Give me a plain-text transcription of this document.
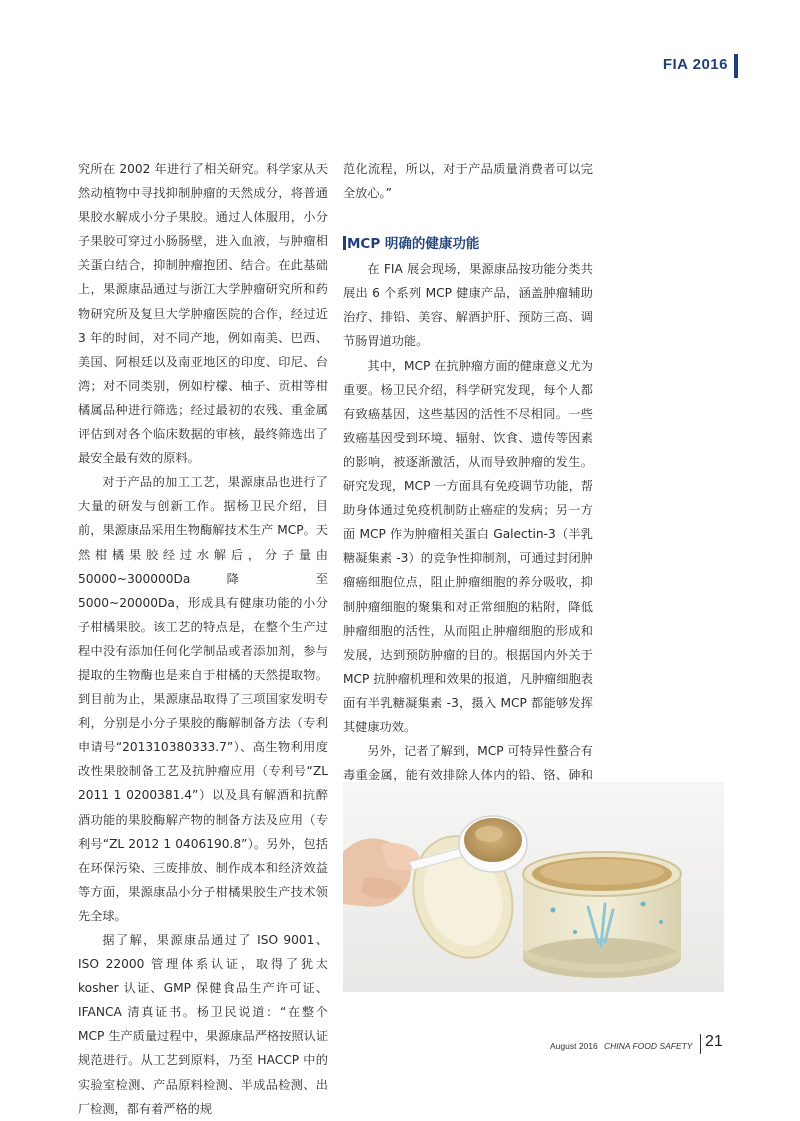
FIA 2016

究所在 2002 年进行了相关研究。科学家从天然动植物中寻找抑制肿瘤的天然成分，将普通果胶水解成小分子果胶。通过人体服用，小分子果胶可穿过小肠肠壁，进入血液，与肿瘤相关蛋白结合，抑制肿瘤抱团、结合。在此基础上，果源康品通过与浙江大学肿瘤研究所和药物研究所及复旦大学肿瘤医院的合作，经过近 3 年的时间，对不同产地，例如南美、巴西、美国、阿根廷以及南亚地区的印度、印尼、台湾；对不同类别，例如柠檬、柚子、贡柑等柑橘属品种进行筛选；经过最初的农残、重金属评估到对各个临床数据的审核，最终筛选出了最安全最有效的原料。

对于产品的加工工艺，果源康品也进行了大量的研发与创新工作。据杨卫民介绍，目前，果源康品采用生物酶解技术生产 MCP。天然柑橘果胶经过水解后，分子量由 50000~300000Da 降　至 5000~20000Da，形成具有健康功能的小分子柑橘果胶。该工艺的特点是，在整个生产过程中没有添加任何化学制品或者添加剂，参与提取的生物酶也是来自于柑橘的天然提取物。到目前为止，果源康品取得了三项国家发明专利，分别是小分子果胶的酶解制备方法（专利申请号“201310380333.7”）、高生物利用度改性果胶制备工艺及抗肿瘤应用（专利号“ZL 2011 1 0200381.4”）以及具有解酒和抗醉酒功能的果胶酶解产物的制备方法及应用（专利号“ZL 2012 1 0406190.8”）。另外，包括在环保污染、三废排放、制作成本和经济效益等方面，果源康品小分子柑橘果胶生产技术领先全球。

据了解，果源康品通过了 ISO 9001、ISO 22000 管理体系认证，取得了犹太 kosher 认证、GMP 保健食品生产许可证、IFANCA 清真证书。杨卫民说道：“在整个 MCP 生产质量过程中，果源康品严格按照认证规范进行。从工艺到原料，乃至 HACCP 中的实验室检测、产品原料检测、半成品检测、出厂检测，都有着严格的规

范化流程，所以，对于产品质量消费者可以完全放心。”

MCP 明确的健康功能

在 FIA 展会现场，果源康品按功能分类共展出 6 个系列 MCP 健康产品，涵盖肿瘤辅助治疗、排铅、美容、解酒护肝、预防三高、调节肠胃道功能。

其中，MCP 在抗肿瘤方面的健康意义尤为重要。杨卫民介绍，科学研究发现，每个人都有致癌基因，这些基因的活性不尽相同。一些致癌基因受到环境、辐射、饮食、遗传等因素的影响，被逐渐激活，从而导致肿瘤的发生。研究发现，MCP 一方面具有免疫调节功能，帮助身体通过免疫机制防止癌症的发病；另一方面 MCP 作为肿瘤相关蛋白 Galectin-3（半乳糖凝集素 -3）的竞争性抑制剂，可通过封闭肿瘤癌细胞位点，阻止肿瘤细胞的养分吸收，抑制肿瘤细胞的聚集和对正常细胞的粘附，降低肿瘤细胞的活性，从而阻止肿瘤细胞的形成和发展，达到预防肿瘤的目的。根据国内外关于 MCP 抗肿瘤机理和效果的报道，凡肿瘤细胞表面有半乳糖凝集素 -3，摄入 MCP 都能够发挥其健康功效。

另外，记者了解到，MCP 可特异性螯合有毒重金属，能有效排除人体内的铅、铬、砷和

August 2016 CHINA FOOD SAFETY 21
